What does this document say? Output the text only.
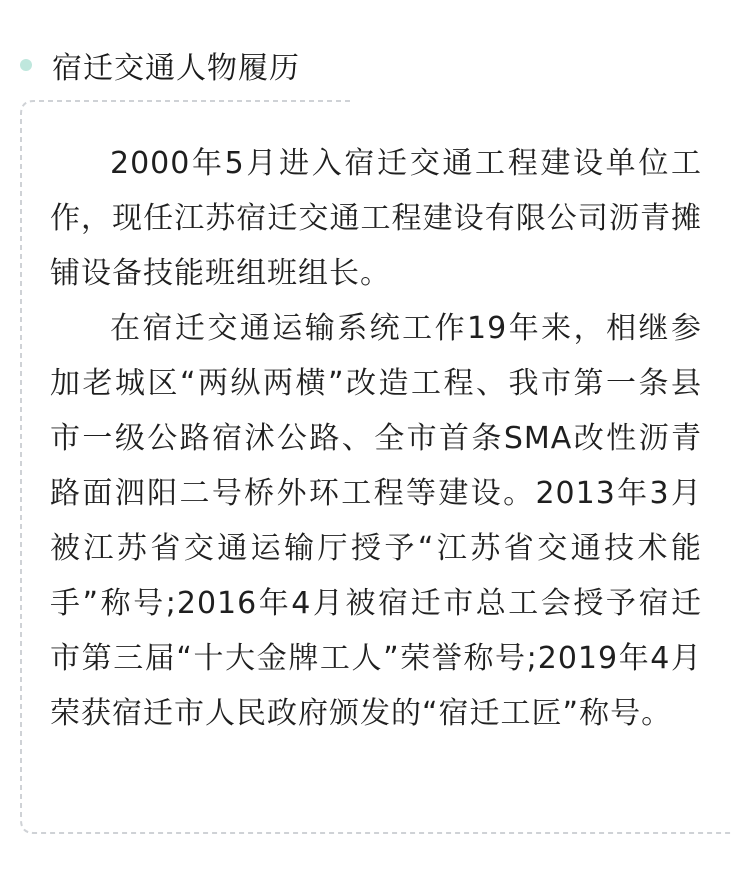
宿迁交通人物履历

2000年5月进入宿迁交通工程建设单位工作，现任江苏宿迁交通工程建设有限公司沥青摊铺设备技能班组班组长。

在宿迁交通运输系统工作19年来，相继参加老城区“两纵两横”改造工程、我市第一条县市一级公路宿沭公路、全市首条SMA改性沥青路面泗阳二号桥外环工程等建设。2013年3月被江苏省交通运输厅授予“江苏省交通技术能手”称号;2016年4月被宿迁市总工会授予宿迁市第三届“十大金牌工人”荣誉称号;2019年4月荣获宿迁市人民政府颁发的“宿迁工匠”称号。
